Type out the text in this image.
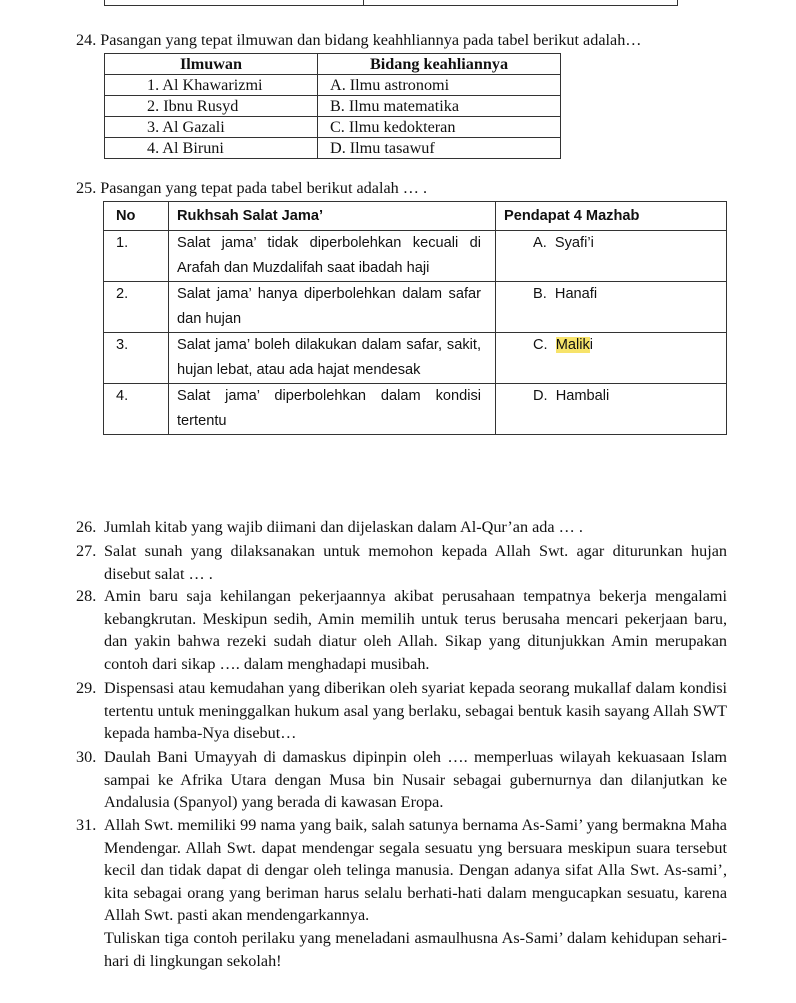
24. Pasangan yang tepat ilmuwan dan bidang keahhliannya pada tabel berikut adalah…
Ilmuwan	Bidang keahliannya
1. Al Khawarizmi	A. Ilmu astronomi
2. Ibnu Rusyd	B. Ilmu matematika
3. Al Gazali	C. Ilmu kedokteran
4. Al Biruni	D. Ilmu tasawuf
25. Pasangan yang tepat pada tabel berikut adalah … .
No	Rukhsah Salat Jama’	Pendapat 4 Mazhab
1.	Salat jama’ tidak diperbolehkan kecuali di Arafah dan Muzdalifah saat ibadah haji	A. Syafi’i
2.	Salat jama’ hanya diperbolehkan dalam safar dan hujan	B. Hanafi
3.	Salat jama’ boleh dilakukan dalam safar, sakit, hujan lebat, atau ada hajat mendesak	C. Maliki
4.	Salat jama’ diperbolehkan dalam kondisi tertentu	D. Hambali
26. Jumlah kitab yang wajib diimani dan dijelaskan dalam Al-Qur’an ada … .

27. Salat sunah yang dilaksanakan untuk memohon kepada Allah Swt. agar diturunkan hujan disebut salat … .

28. Amin baru saja kehilangan pekerjaannya akibat perusahaan tempatnya bekerja mengalami kebangkrutan. Meskipun sedih, Amin memilih untuk terus berusaha mencari pekerjaan baru, dan yakin bahwa rezeki sudah diatur oleh Allah. Sikap yang ditunjukkan Amin merupakan contoh dari sikap …. dalam menghadapi musibah.

29. Dispensasi atau kemudahan yang diberikan oleh syariat kepada seorang mukallaf dalam kondisi tertentu untuk meninggalkan hukum asal yang berlaku, sebagai bentuk kasih sayang Allah SWT kepada hamba-Nya disebut…

30. Daulah Bani Umayyah di damaskus dipinpin oleh …. memperluas wilayah kekuasaan Islam sampai ke Afrika Utara dengan Musa bin Nusair sebagai gubernurnya dan dilanjutkan ke Andalusia (Spanyol) yang berada di kawasan Eropa.

31. Allah Swt. memiliki 99 nama yang baik, salah satunya bernama As-Sami’ yang bermakna Maha Mendengar. Allah Swt. dapat mendengar segala sesuatu yng bersuara meskipun suara tersebut kecil dan tidak dapat di dengar oleh telinga manusia. Dengan adanya sifat Alla Swt. As-sami’, kita sebagai orang yang beriman harus selalu berhati-hati dalam mengucapkan sesuatu, karena Allah Swt. pasti akan mendengarkannya.

Tuliskan tiga contoh perilaku yang meneladani asmaulhusna As-Sami’ dalam kehidupan sehari-hari di lingkungan sekolah!
